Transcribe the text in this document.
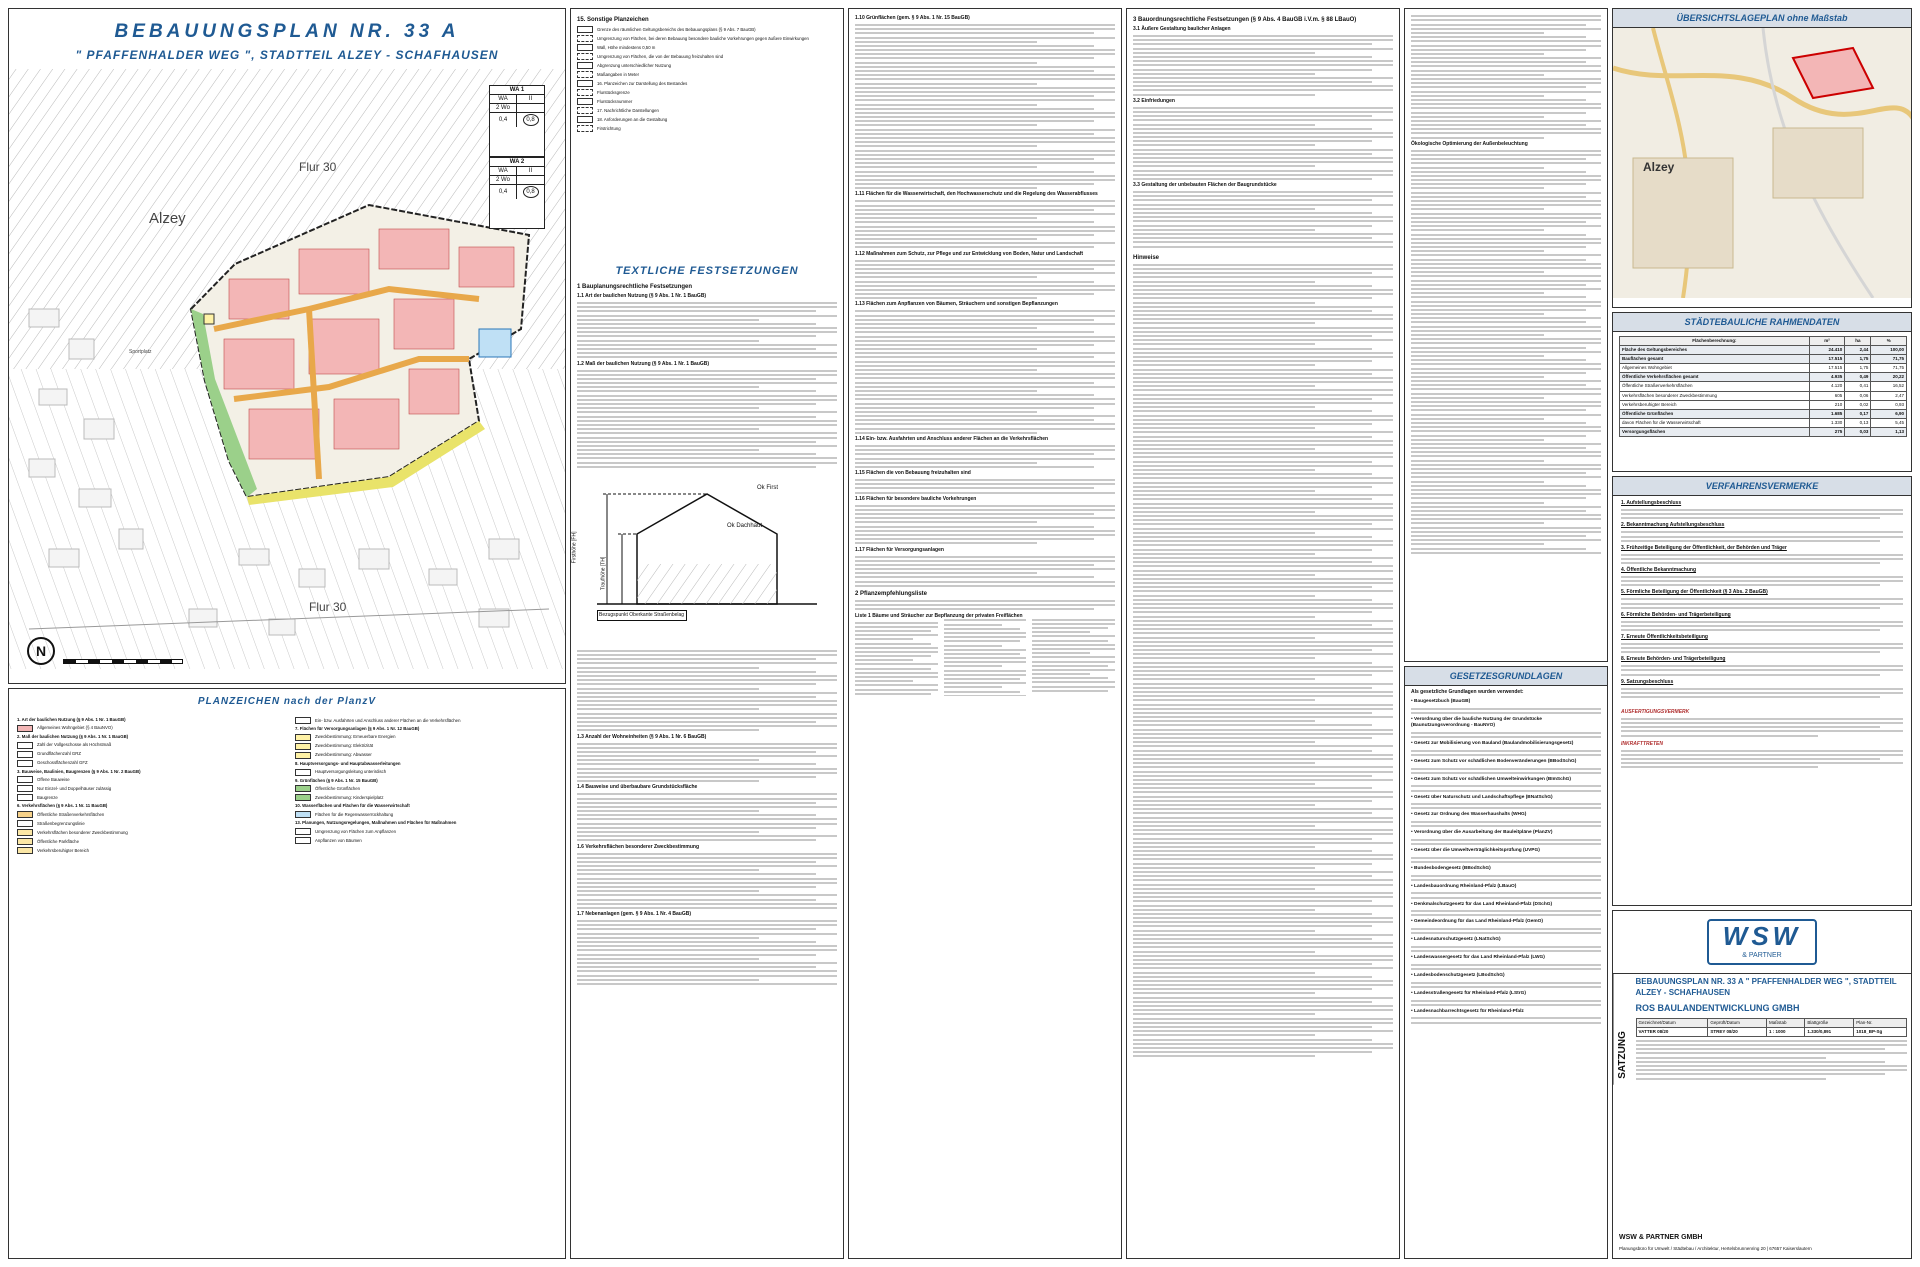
BEBAUUNGSPLAN NR. 33 A
" PFAFFENHALDER WEG ", STADTTEIL ALZEY - SCHAFHAUSEN
Alzey
Flur 30
Flur 30
Sportplatz
N
WA 1
WA	II
2 Wo
0,4	0,8
WA 2
WA	II
2 Wo
0,4	0,8
PLANZEICHEN nach der PlanzV
1. Art der baulichen Nutzung (§ 9 Abs. 1 Nr. 1 BauGB)
Allgemeines Wohngebiet (§ 4 BauNVO)
2. Maß der baulichen Nutzung (§ 9 Abs. 1 Nr. 1 BauGB)
Zahl der Vollgeschosse als Höchstmaß
Grundflächenzahl GRZ
Geschossflächenzahl GFZ
3. Bauweise, Baulinien, Baugrenzen (§ 9 Abs. 1 Nr. 2 BauGB)
Offene Bauweise
Nur Einzel- und Doppelhäuser zulässig
Baugrenze
6. Verkehrsflächen (§ 9 Abs. 1 Nr. 11 BauGB)
Öffentliche Straßenverkehrsflächen
Straßenbegrenzungslinie
Verkehrsflächen besonderer Zweckbestimmung
Öffentliche Parkfläche
Verkehrsberuhigter Bereich
Ein- bzw. Ausfahrten und Anschluss anderer Flächen an die Verkehrsflächen
7. Flächen für Versorgungsanlagen (§ 9 Abs. 1 Nr. 12 BauGB)
Zweckbestimmung: Erneuerbare Energien
Zweckbestimmung: Elektrizität
Zweckbestimmung: Abwasser
8. Hauptversorgungs- und Hauptabwasserleitungen
Hauptversorgungsleitung unterirdisch
9. Grünflächen (§ 9 Abs. 1 Nr. 15 BauGB)
Öffentliche Grünflächen
Zweckbestimmung: Kinderspielplatz
10. Wasserflächen und Flächen für die Wasserwirtschaft
Flächen für die Regenwasserrückhaltung
13. Planungen, Nutzungsregelungen, Maßnahmen und Flächen für Maßnahmen
Umgrenzung von Flächen zum Anpflanzen
Anpflanzen von Bäumen
15. Sonstige Planzeichen
Grenze des räumlichen Geltungsbereichs des Bebauungsplans (§ 9 Abs. 7 BauGB)
Umgrenzung von Flächen, bei deren Bebauung besondere bauliche Vorkehrungen gegen äußere Einwirkungen
Wall, Höhe mindestens 0,50 m
Umgrenzung von Flächen, die von der Bebauung freizuhalten sind
Abgrenzung unterschiedlicher Nutzung
Maßangaben in Meter
16. Planzeichen zur Darstellung des Bestandes
Flurstücksgrenze
Flurstücksnummer
17. Nachrichtliche Darstellungen
18. Anforderungen an die Gestaltung
Firstrichtung
TEXTLICHE FESTSETZUNGEN
1 Bauplanungsrechtliche Festsetzungen
1.1 Art der baulichen Nutzung (§ 9 Abs. 1 Nr. 1 BauGB)
1.2 Maß der baulichen Nutzung (§ 9 Abs. 1 Nr. 1 BauGB)
Ok First
Ok Dachhaut
Firsthöhe [FH]
Traufhöhe [TH]
Bezugspunkt Oberkante Straßenbelag
1.3 Anzahl der Wohneinheiten (§ 9 Abs. 1 Nr. 6 BauGB)
1.4 Bauweise und überbaubare Grundstücksfläche
1.6 Verkehrsflächen besonderer Zweckbestimmung
1.7 Nebenanlagen (gem. § 9 Abs. 1 Nr. 4 BauGB)
1.10 Grünflächen (gem. § 9 Abs. 1 Nr. 15 BauGB)
1.11 Flächen für die Wasserwirtschaft, den Hochwasserschutz und die Regelung des Wasserabflusses
1.12 Maßnahmen zum Schutz, zur Pflege und zur Entwicklung von Boden, Natur und Landschaft
1.13 Flächen zum Anpflanzen von Bäumen, Sträuchern und sonstigen Bepflanzungen
1.14 Ein- bzw. Ausfahrten und Anschluss anderer Flächen an die Verkehrsflächen
1.15 Flächen die von Bebauung freizuhalten sind
1.16 Flächen für besondere bauliche Vorkehrungen
1.17 Flächen für Versorgungsanlagen
2 Pflanzempfehlungsliste
Liste 1 Bäume und Sträucher zur Bepflanzung der privaten Freiflächen
3 Bauordnungsrechtliche Festsetzungen (§ 9 Abs. 4 BauGB i.V.m. § 88 LBauO)
3.1 Äußere Gestaltung baulicher Anlagen
3.2 Einfriedungen
3.3 Gestaltung der unbebauten Flächen der Baugrundstücke
Hinweise
Ökologische Optimierung der Außenbeleuchtung
GESETZESGRUNDLAGEN
Als gesetzliche Grundlagen wurden verwendet:
• Baugesetzbuch (BauGB)
• Verordnung über die bauliche Nutzung der Grundstücke (Baunutzungsverordnung - BauNVO)
• Gesetz zur Mobilisierung von Bauland (Baulandmobilisierungsgesetz)
• Gesetz zum Schutz vor schädlichen Bodenveränderungen (BBodSchG)
• Gesetz zum Schutz vor schädlichen Umwelteinwirkungen (BImSchG)
• Gesetz über Naturschutz und Landschaftspflege (BNatSchG)
• Gesetz zur Ordnung des Wasserhaushalts (WHG)
• Verordnung über die Ausarbeitung der Bauleitpläne (PlanZV)
• Gesetz über die Umweltverträglichkeitsprüfung (UVPG)
• Bundesbodengesetz (BBodSchG)
• Landesbauordnung Rheinland-Pfalz (LBauO)
• Denkmalschutzgesetz für das Land Rheinland-Pfalz (DSchG)
• Gemeindeordnung für das Land Rheinland-Pfalz (GemO)
• Landesnaturschutzgesetz (LNatSchG)
• Landeswassergesetz für das Land Rheinland-Pfalz (LWG)
• Landesbodenschutzgesetz (LBodSchG)
• Landesstraßengesetz für Rheinland-Pfalz (LStrG)
• Landesnachbarrechtsgesetz für Rheinland-Pfalz
ÜBERSICHTSLAGEPLAN ohne Maßstab
Alzey
STÄDTEBAULICHE RAHMENDATEN
Flächenberechnung:	m²	ha	%
Fläche des Geltungsbereiches	24.410	2,44	100,00
Bauflächen gesamt	17.515	1,75	71,75
Allgemeines Wohngebiet	17.515	1,75	71,75
Öffentliche Verkehrsflächen gesamt	4.935	0,49	20,22
Öffentliche Straßenverkehrsflächen	4.120	0,41	16,52
Verkehrsflächen besonderer Zweckbestimmung	605	0,06	2,47
Verkehrsberuhigter Bereich	210	0,02	0,93
Öffentliche Grünflächen	1.685	0,17	6,90
davon Flächen für die Wasserwirtschaft	1.330	0,13	5,45
Versorgungsflächen	275	0,03	1,13
VERFAHRENSVERMERKE
1. Aufstellungsbeschluss
2. Bekanntmachung Aufstellungsbeschluss
3. Frühzeitige Beteiligung der Öffentlichkeit, der Behörden und Träger
4. Öffentliche Bekanntmachung
5. Förmliche Beteiligung der Öffentlichkeit (§ 3 Abs. 2 BauGB)
6. Förmliche Behörden- und Trägerbeteiligung
7. Erneute Öffentlichkeitsbeteiligung
8. Erneute Behörden- und Trägerbeteiligung
9. Satzungsbeschluss
AUSFERTIGUNGSVERMERK
INKRAFTTRETEN
WSW
& PARTNER
SATZUNG
BEBAUUNGSPLAN NR. 33 A " PFAFFENHALDER WEG ", STADTTEIL ALZEY - SCHAFHAUSEN
ROS BAULANDENTWICKLUNG GMBH
Gezeichnet/Datum	Geprüft/Datum	Maßstab	Blattgröße	Plan-Nr.
VATTER 08/20	STREY 08/20	1 : 1000	1.330/0,891	1018_BP-Sg
WSW & PARTNER GMBH
Planungsbüro für Umwelt / Städtebau / Architektur, Hertelsbrunnenring 20 | 67657 Kaiserslautern
